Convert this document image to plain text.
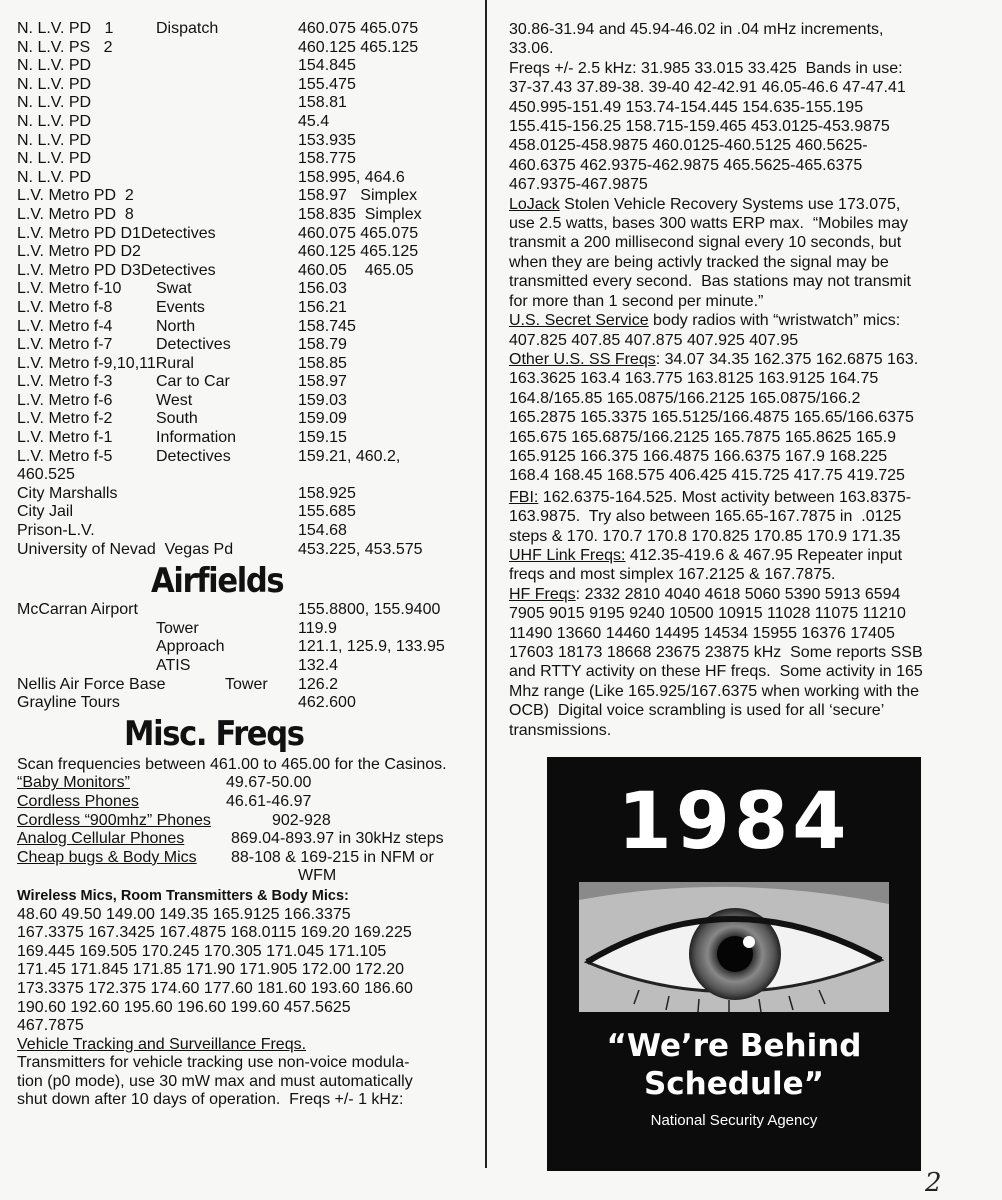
N. L.V. PD   1	Dispatch	460.075 465.075
N. L.V. PS   2	460.125 465.125
N. L.V. PD	154.845
N. L.V. PD	155.475
N. L.V. PD	158.81
N. L.V. PD	45.4
N. L.V. PD	153.935
N. L.V. PD	158.775
N. L.V. PD	158.995, 464.6
L.V. Metro PD  2	158.97   Simplex
L.V. Metro PD  8	158.835  Simplex
L.V. Metro PD D1Detectives	460.075 465.075
L.V. Metro PD D2	460.125 465.125
L.V. Metro PD D3Detectives	460.05    465.05
L.V. Metro f-10 Swat	156.03
L.V. Metro f-8	Events	156.21
L.V. Metro f-4	North	158.745
L.V. Metro f-7	Detectives	158.79
L.V. Metro f-9,10,11Rural	158.85
L.V. Metro f-3	Car to Car	158.97
L.V. Metro f-6	West	159.03
L.V. Metro f-2	South	159.09
L.V. Metro f-1	Information	159.15
L.V. Metro f-5	Detectives	159.21, 460.2,
460.525
City Marshalls	158.925
City Jail	155.685
Prison-L.V.	154.68
University of Nevad  Vegas Pd	453.225, 453.575
Airfields
McCarran Airport	155.8800, 155.9400
Tower	119.9
Approach	121.1, 125.9, 133.95
ATIS	132.4
Nellis Air Force Base	Tower 126.2
Grayline Tours	462.600
Misc. Freqs
Scan frequencies between 461.00 to 465.00 for the Casinos.
“Baby Monitors”	49.67-50.00
Cordless Phones	46.61-46.97
Cordless “900mhz” Phones	902-928
Analog Cellular Phones	869.04-893.97 in 30kHz steps
Cheap bugs & Body Mics 88-108 & 169-215 in NFM or
WFM
Wireless Mics, Room Transmitters & Body Mics:
48.60 49.50 149.00 149.35 165.9125 166.3375
167.3375 167.3425 167.4875 168.0115 169.20 169.225
169.445 169.505 170.245 170.305 171.045 171.105
171.45 171.845 171.85 171.90 171.905 172.00 172.20
173.3375 172.375 174.60 177.60 181.60 193.60 186.60
190.60 192.60 195.60 196.60 199.60 457.5625
467.7875
Vehicle Tracking and Surveillance Freqs.
Transmitters for vehicle tracking use non-voice modula-
tion (p0 mode), use 30 mW max and must automatically
shut down after 10 days of operation.  Freqs +/- 1 kHz:
30.86-31.94 and 45.94-46.02 in .04 mHz increments,
33.06.
Freqs +/- 2.5 kHz: 31.985 33.015 33.425  Bands in use:
37-37.43 37.89-38. 39-40 42-42.91 46.05-46.6 47-47.41
450.995-151.49 153.74-154.445 154.635-155.195
155.415-156.25 158.715-159.465 453.0125-453.9875
458.0125-458.9875 460.0125-460.5125 460.5625-
460.6375 462.9375-462.9875 465.5625-465.6375
467.9375-467.9875
LoJack Stolen Vehicle Recovery Systems use 173.075,
use 2.5 watts, bases 300 watts ERP max.  “Mobiles may
transmit a 200 millisecond signal every 10 seconds, but
when they are being activly tracked the signal may be
transmitted every second.  Bas stations may not transmit
for more than 1 second per minute.”
U.S. Secret Service body radios with “wristwatch” mics:
407.825 407.85 407.875 407.925 407.95
Other U.S. SS Freqs: 34.07 34.35 162.375 162.6875 163.
163.3625 163.4 163.775 163.8125 163.9125 164.75
164.8/165.85 165.0875/166.2125 165.0875/166.2
165.2875 165.3375 165.5125/166.4875 165.65/166.6375
165.675 165.6875/166.2125 165.7875 165.8625 165.9
165.9125 166.375 166.4875 166.6375 167.9 168.225
168.4 168.45 168.575 406.425 415.725 417.75 419.725
FBI: 162.6375-164.525. Most activity between 163.8375-
163.9875.  Try also between 165.65-167.7875 in  .0125
steps & 170. 170.7 170.8 170.825 170.85 170.9 171.35
UHF Link Freqs: 412.35-419.6 & 467.95 Repeater input
freqs and most simplex 167.2125 & 167.7875.
HF Freqs: 2332 2810 4040 4618 5060 5390 5913 6594
7905 9015 9195 9240 10500 10915 11028 11075 11210
11490 13660 14460 14495 14534 15955 16376 17405
17603 18173 18668 23675 23875 kHz  Some reports SSB
and RTTY activity on these HF freqs.  Some activity in 165
Mhz range (Like 165.925/167.6375 when working with the
OCB)  Digital voice scrambling is used for all ‘secure’
transmissions.
1984
“We’re Behind
Schedule”
National Security Agency
2
